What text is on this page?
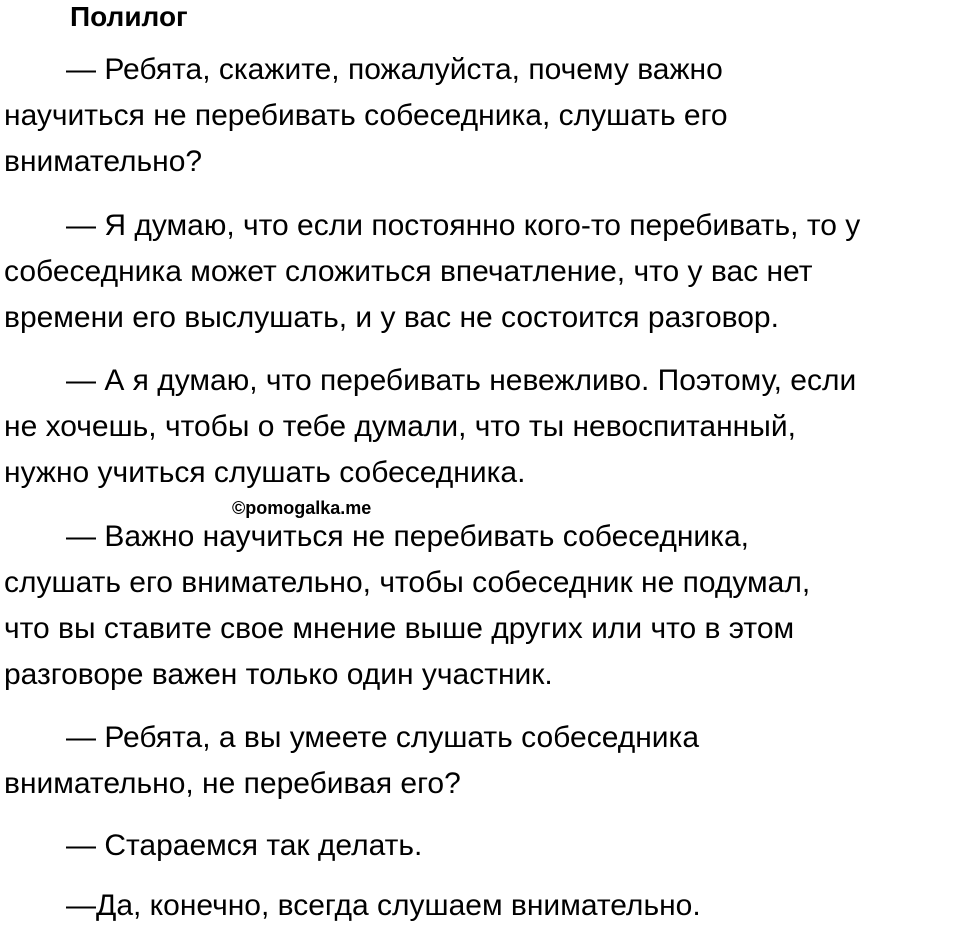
Полилог
— Ребята, скажите, пожалуйста, почему важно
научиться не перебивать собеседника, слушать его
внимательно?
— Я думаю, что если постоянно кого-то перебивать, то у
собеседника может сложиться впечатление, что у вас нет
времени его выслушать, и у вас не состоится разговор.
— А я думаю, что перебивать невежливо. Поэтому, если
не хочешь, чтобы о тебе думали, что ты невоспитанный,
нужно учиться слушать собеседника.
©pomogalka.me
— Важно научиться не перебивать собеседника,
слушать его внимательно, чтобы собеседник не подумал,
что вы ставите свое мнение выше других или что в этом
разговоре важен только один участник.
— Ребята, а вы умеете слушать собеседника
внимательно, не перебивая его?
— Стараемся так делать.
—Да, конечно, всегда слушаем внимательно.
